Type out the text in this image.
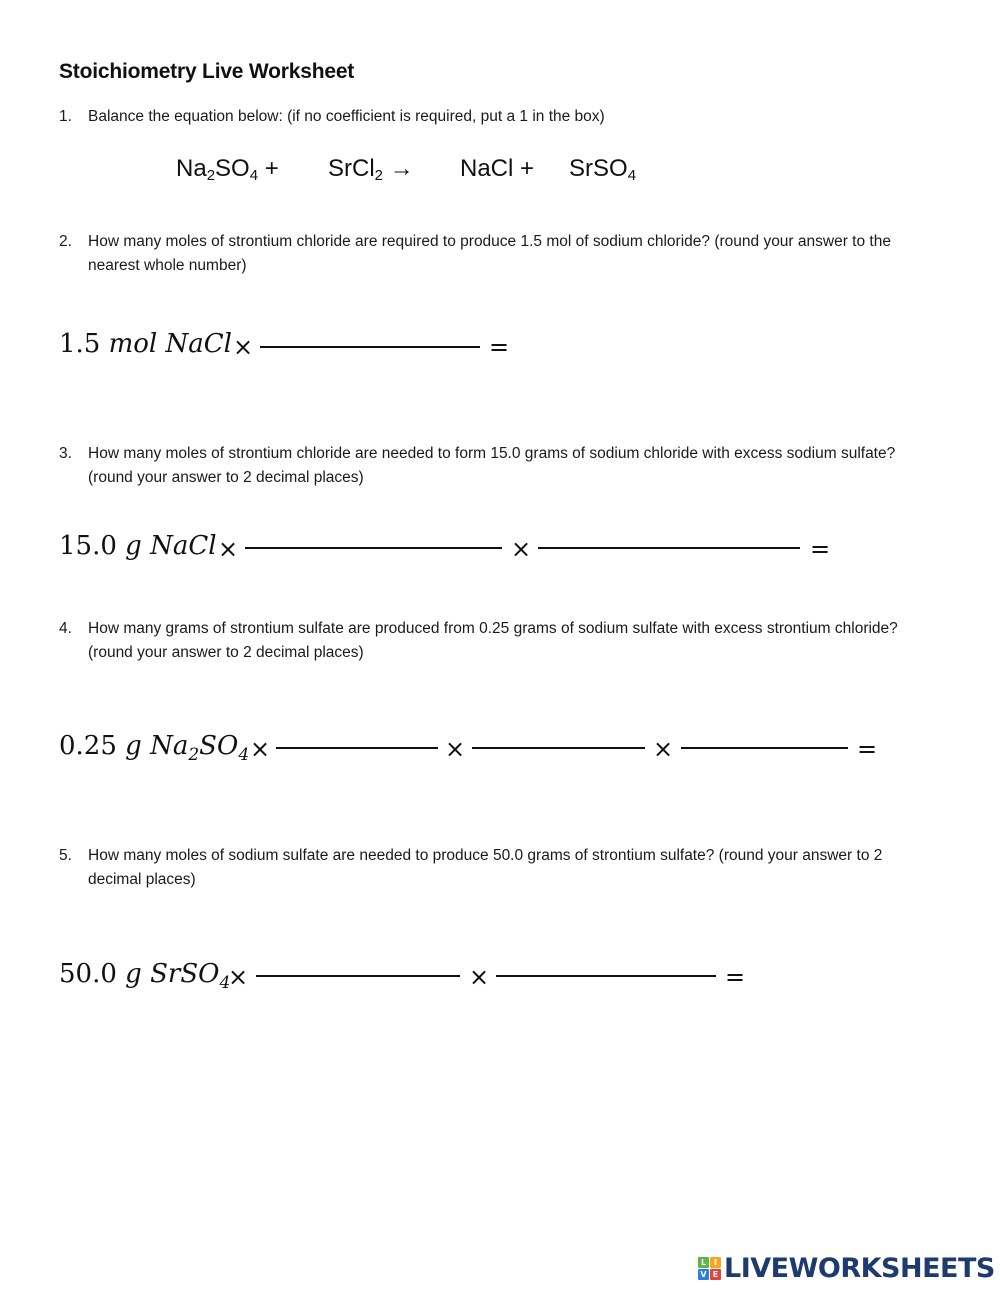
Stoichiometry Live Worksheet
1. Balance the equation below: (if no coefficient is required, put a 1 in the box)
$Na_2SO_4$ + SrCl$_2$ → NaCl + SrSO$_4$
2. How many moles of strontium chloride are required to produce 1.5 mol of sodium chloride? (round your answer to the nearest whole number)
1.5 mol NaCl ×	=
3. How many moles of strontium chloride are needed to form 15.0 grams of sodium chloride with excess sodium sulfate? (round your answer to 2 decimal places)
15.0 g NaCl ×	×	=
4. How many grams of strontium sulfate are produced from 0.25 grams of sodium sulfate with excess strontium chloride? (round your answer to 2 decimal places)
0.25 g $Na_2SO_4$ ×	×	×	=
5. How many moles of sodium sulfate are needed to produce 50.0 grams of strontium sulfate? (round your answer to 2 decimal places)
50.0 g SrSO$_4$
×	×	=
L I
V E LIVEWORKSHEETS
